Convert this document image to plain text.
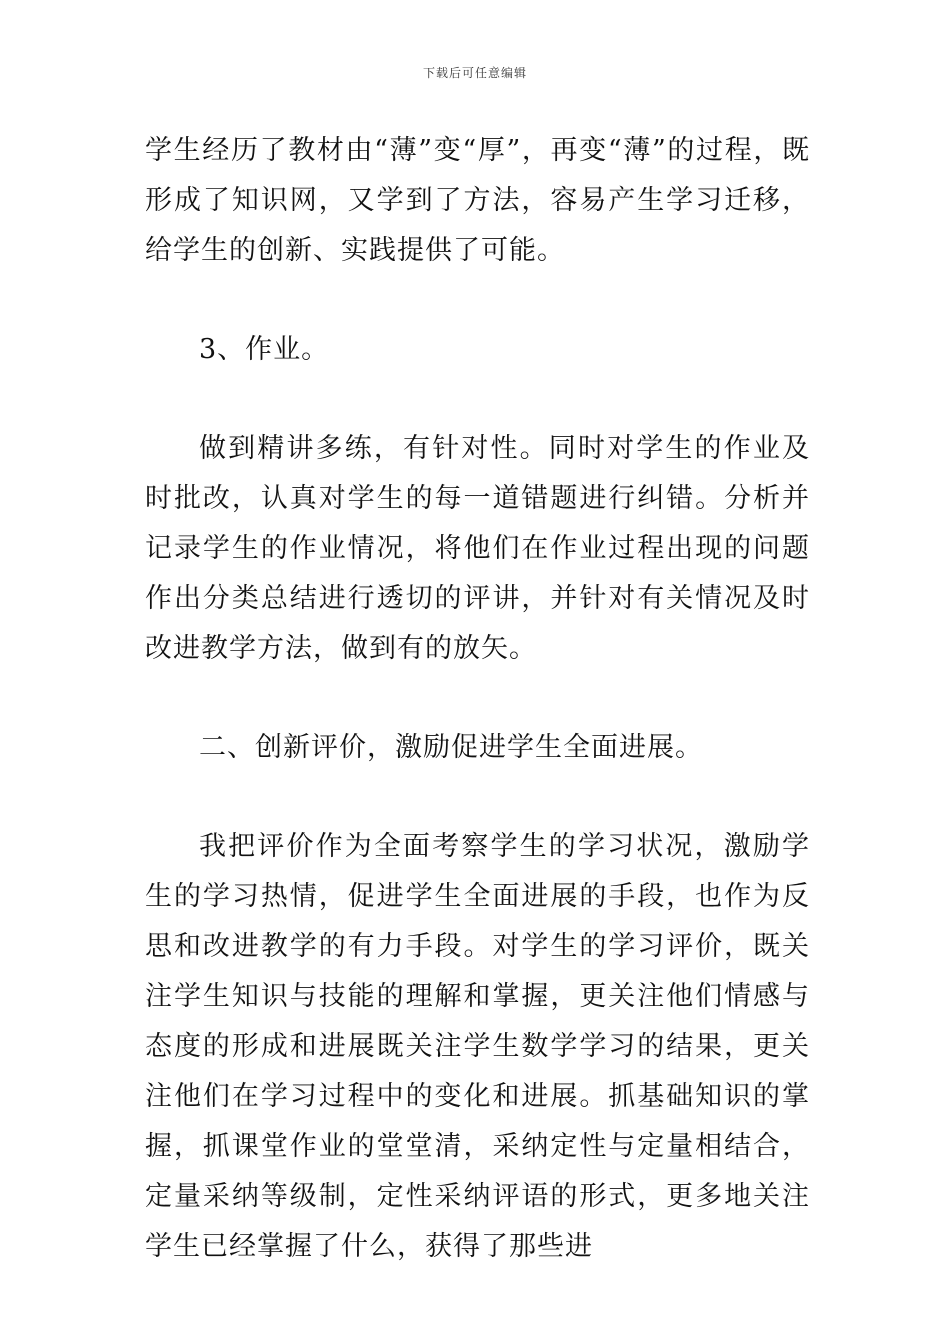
下载后可任意编辑

学生经历了教材由“薄”变“厚”，再变“薄”的过程，既形成了知识网，又学到了方法，容易产生学习迁移，给学生的创新、实践提供了可能。

3、作业。

做到精讲多练，有针对性。同时对学生的作业及时批改，认真对学生的每一道错题进行纠错。分析并记录学生的作业情况，将他们在作业过程出现的问题作出分类总结进行透切的评讲，并针对有关情况及时改进教学方法，做到有的放矢。

二、创新评价，激励促进学生全面进展。

我把评价作为全面考察学生的学习状况，激励学生的学习热情，促进学生全面进展的手段，也作为反思和改进教学的有力手段。对学生的学习评价，既关注学生知识与技能的理解和掌握，更关注他们情感与态度的形成和进展既关注学生数学学习的结果，更关注他们在学习过程中的变化和进展。抓基础知识的掌握，抓课堂作业的堂堂清，采纳定性与定量相结合，定量采纳等级制，定性采纳评语的形式，更多地关注学生已经掌握了什么，获得了那些进
